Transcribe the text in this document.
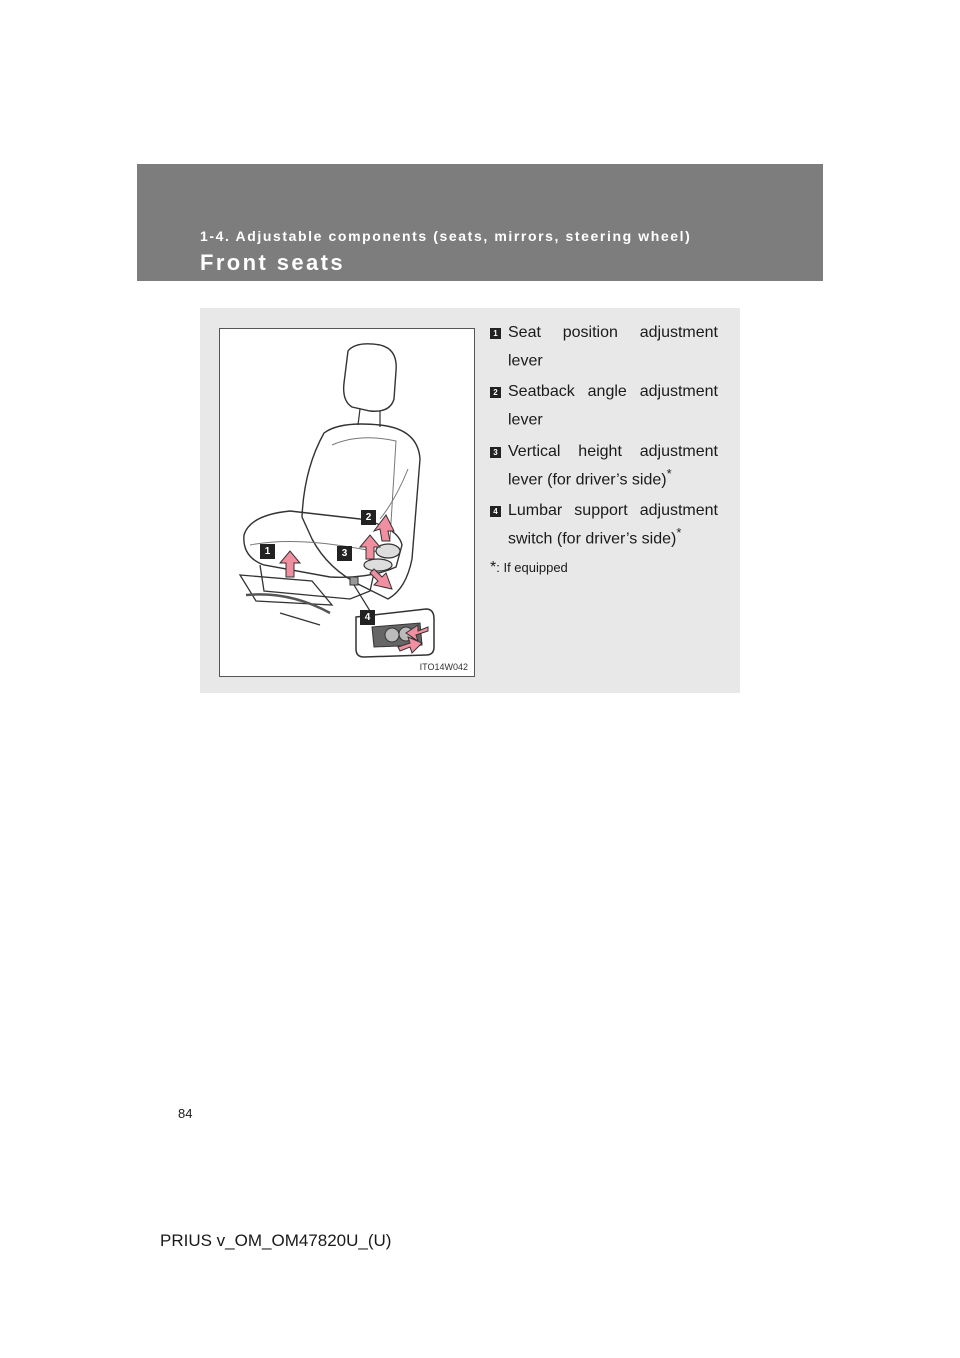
1-4. Adjustable components (seats, mirrors, steering wheel)
Front seats
1
2
3
4
ITO14W042
1 Seat position adjustment lever
2 Seatback angle adjustment lever
3 Vertical height adjustment lever (for driver’s side)*
4 Lumbar support adjustment switch (for driver’s side)*
*: If equipped
84
PRIUS v_OM_OM47820U_(U)
